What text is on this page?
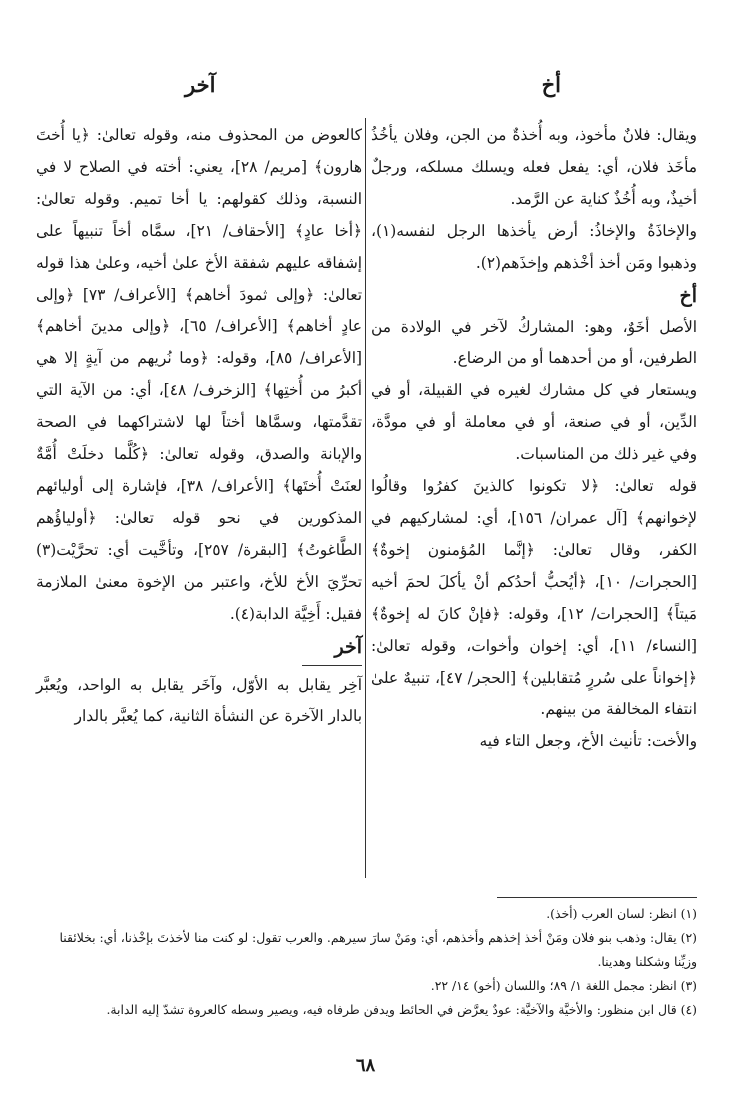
أخ
آخر

ويقال: فلانٌ مأخوذ، وبه أُخذةٌ من الجن، وفلان يأخُذُ مأخَذ فلان، أي: يفعل فعله ويسلك مسلكه، ورجلٌ أخيذٌ، وبه أُخُذٌ كناية عن الرَّمد.

والإخاذَةُ والإخاذُ: أرض يأخذها الرجل لنفسه(١)، وذهبوا ومَن أخذ أخْذهم وإخذَهم(٢).

أخ

الأصل أخَوٌ، وهو: المشاركُ لآخر في الولادة من الطرفين، أو من أحدهما أو من الرضاع.

ويستعار في كل مشارك لغيره في القبيلة، أو في الدِّين، أو في صنعة، أو في معاملة أو في مودَّة، وفي غير ذلك من المناسبات.

قوله تعالىٰ: ﴿لا تكونوا كالذينَ كفرُوا وقالُوا لإخوانهم﴾ [آل عمران/ ١٥٦]، أي: لمشاركيهم في الكفر، وقال تعالىٰ: ﴿إنَّما المُؤمنون إخوةٌ﴾ [الحجرات/ ١٠]، ﴿أيُحبُّ أحدُكم أنْ يأكلَ لحمَ أخيه مَيتاً﴾ [الحجرات/ ١٢]، وقوله: ﴿فإنْ كانَ له إخوةٌ﴾ [النساء/ ١١]، أي: إخوان وأخوات، وقوله تعالىٰ: ﴿إخواناً على سُررٍ مُتقابلين﴾ [الحجر/ ٤٧]، تنبيهٌ علىٰ انتفاء المخالفة من بينهم.

والأخت: تأنيث الأخ، وجعل التاء فيه

كالعوض من المحذوف منه، وقوله تعالىٰ: ﴿يا أُختَ هارون﴾ [مريم/ ٢٨]، يعني: أخته في الصلاح لا في النسبة، وذلك كقولهم: يا أخا تميم. وقوله تعالىٰ: ﴿أخا عادٍ﴾ [الأحقاف/ ٢١]، سمَّاه أخاً تنبيهاً على إشفاقه عليهم شفقة الأخ علىٰ أخيه، وعلىٰ هذا قوله تعالىٰ: ﴿وإلى ثمودَ أخاهم﴾ [الأعراف/ ٧٣] ﴿وإلى عادٍ أخاهم﴾ [الأعراف/ ٦٥]، ﴿وإلى مدينَ أخاهم﴾ [الأعراف/ ٨٥]، وقوله: ﴿وما نُريهم من آيةٍ إلا هي أكبرُ من أُختِها﴾ [الزخرف/ ٤٨]، أي: من الآية التي تقدَّمتها، وسمَّاها أختاً لها لاشتراكهما في الصحة والإبانة والصدق، وقوله تعالىٰ: ﴿كُلَّما دخلَتْ أُمَّةٌ لعنَتْ أُختَها﴾ [الأعراف/ ٣٨]، فإشارة إلى أوليائهم المذكورين في نحو قوله تعالىٰ: ﴿أولياؤُهم الطَّاغوتُ﴾ [البقرة/ ٢٥٧]، وتأخَّيت أي: تحرَّيْت(٣) تحرِّيَ الأخ للأخ، واعتبر من الإخوة معنىٰ الملازمة فقيل: أَخِيَّة الدابة(٤).

آخر

آخِر يقابل به الأوّل، وآخَر يقابل به الواحد، ويُعبَّر بالدار الآخرة عن النشأة الثانية، كما يُعبَّر بالدار

(١) انظر: لسان العرب (أخذ).
(٢) يقال: وذهب بنو فلان ومَنْ أخذ إخذهم وأخذهم، أي: ومَنْ سارَ سيرهم. والعرب تقول: لو كنت منا لأخذتَ بإخْذنا، أي: بخلائقنا وزيِّنا وشكلنا وهدينا.
(٣) انظر: مجمل اللغة ١/ ٨٩؛ واللسان (أخو) ١٤/ ٢٢.
(٤) قال ابن منظور: والأخيَّة والآخيَّة: عودٌ يعرَّض في الحائط ويدفن طرفاه فيه، ويصير وسطه كالعروة تشدّ إليه الدابة.
٦٨
